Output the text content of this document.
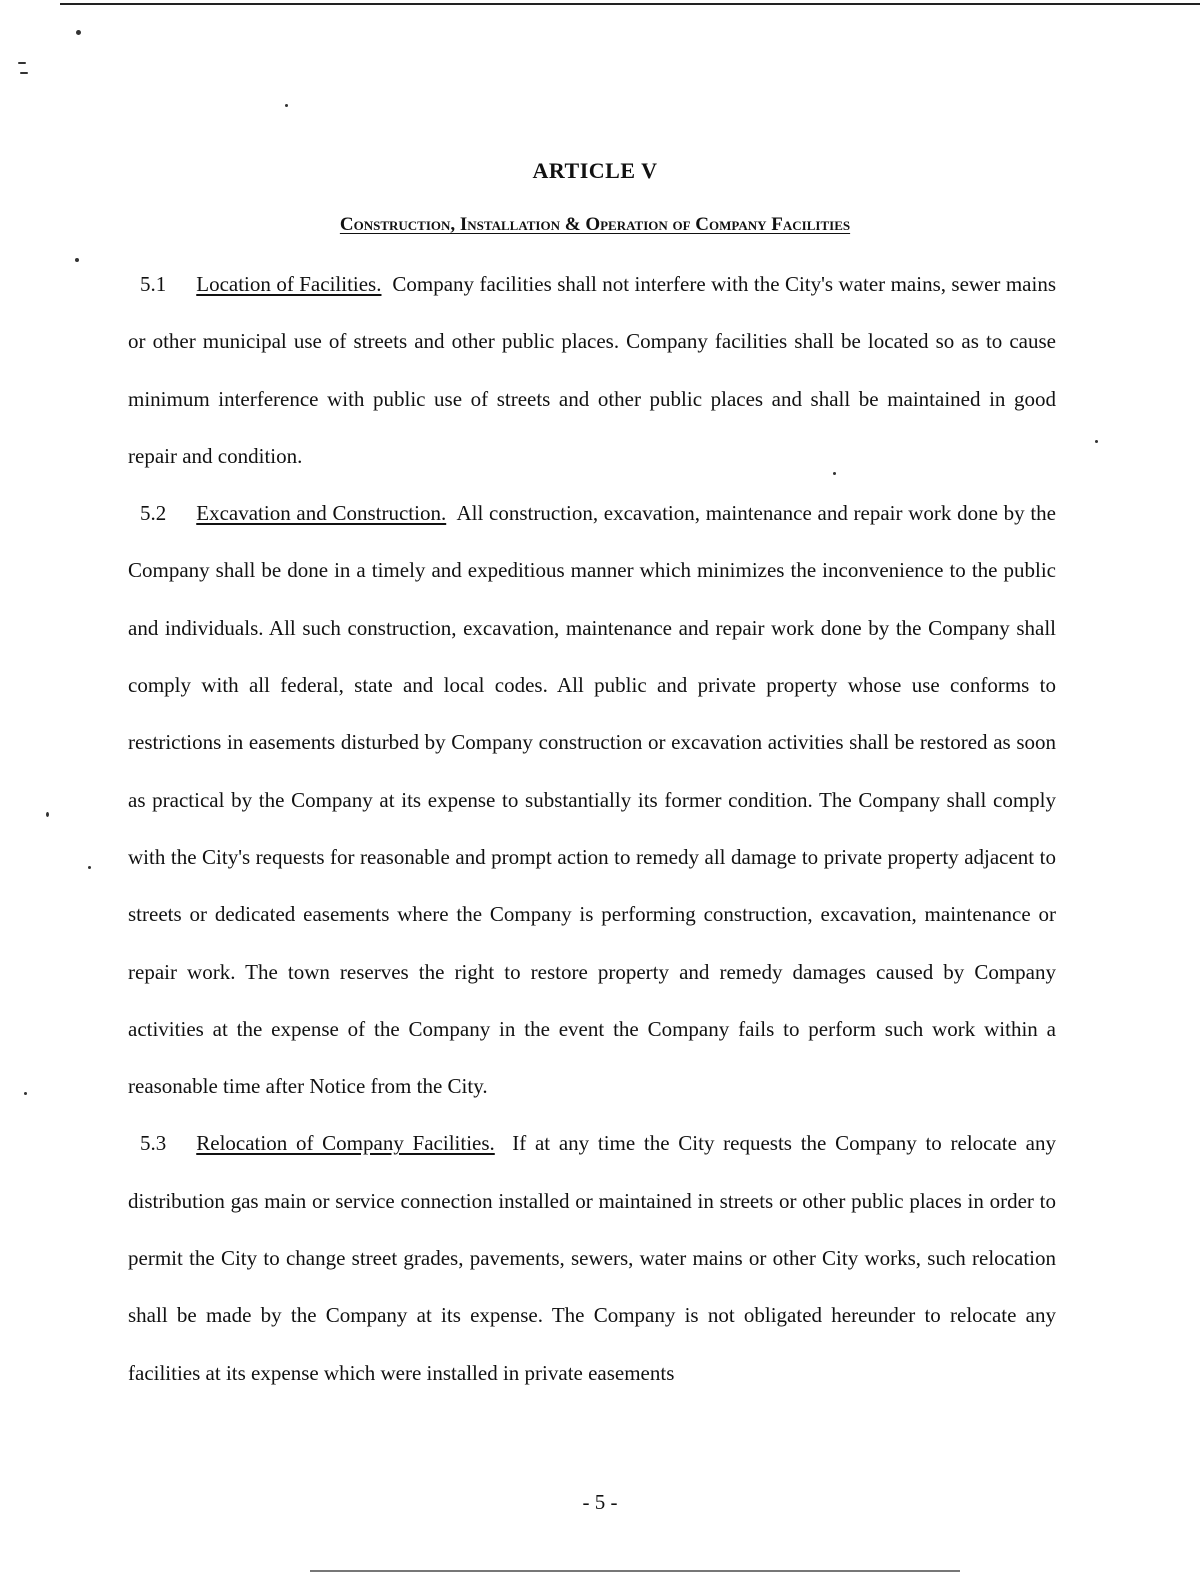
ARTICLE V
Construction, Installation & Operation of Company Facilities

5.1 Location of Facilities. Company facilities shall not interfere with the City's water mains, sewer mains or other municipal use of streets and other public places. Company facilities shall be located so as to cause minimum interference with public use of streets and other public places and shall be maintained in good repair and condition.

5.2 Excavation and Construction. All construction, excavation, maintenance and repair work done by the Company shall be done in a timely and expeditious manner which minimizes the inconvenience to the public and individuals. All such construction, excavation, maintenance and repair work done by the Company shall comply with all federal, state and local codes. All public and private property whose use conforms to restrictions in easements disturbed by Company construction or excavation activities shall be restored as soon as practical by the Company at its expense to substantially its former condition. The Company shall comply with the City's requests for reasonable and prompt action to remedy all damage to private property adjacent to streets or dedicated easements where the Company is performing construction, excavation, maintenance or repair work. The town reserves the right to restore property and remedy damages caused by Company activities at the expense of the Company in the event the Company fails to perform such work within a reasonable time after Notice from the City.

5.3 Relocation of Company Facilities. If at any time the City requests the Company to relocate any distribution gas main or service connection installed or maintained in streets or other public places in order to permit the City to change street grades, pavements, sewers, water mains or other City works, such relocation shall be made by the Company at its expense. The Company is not obligated hereunder to relocate any facilities at its expense which were installed in private easements

- 5 -
